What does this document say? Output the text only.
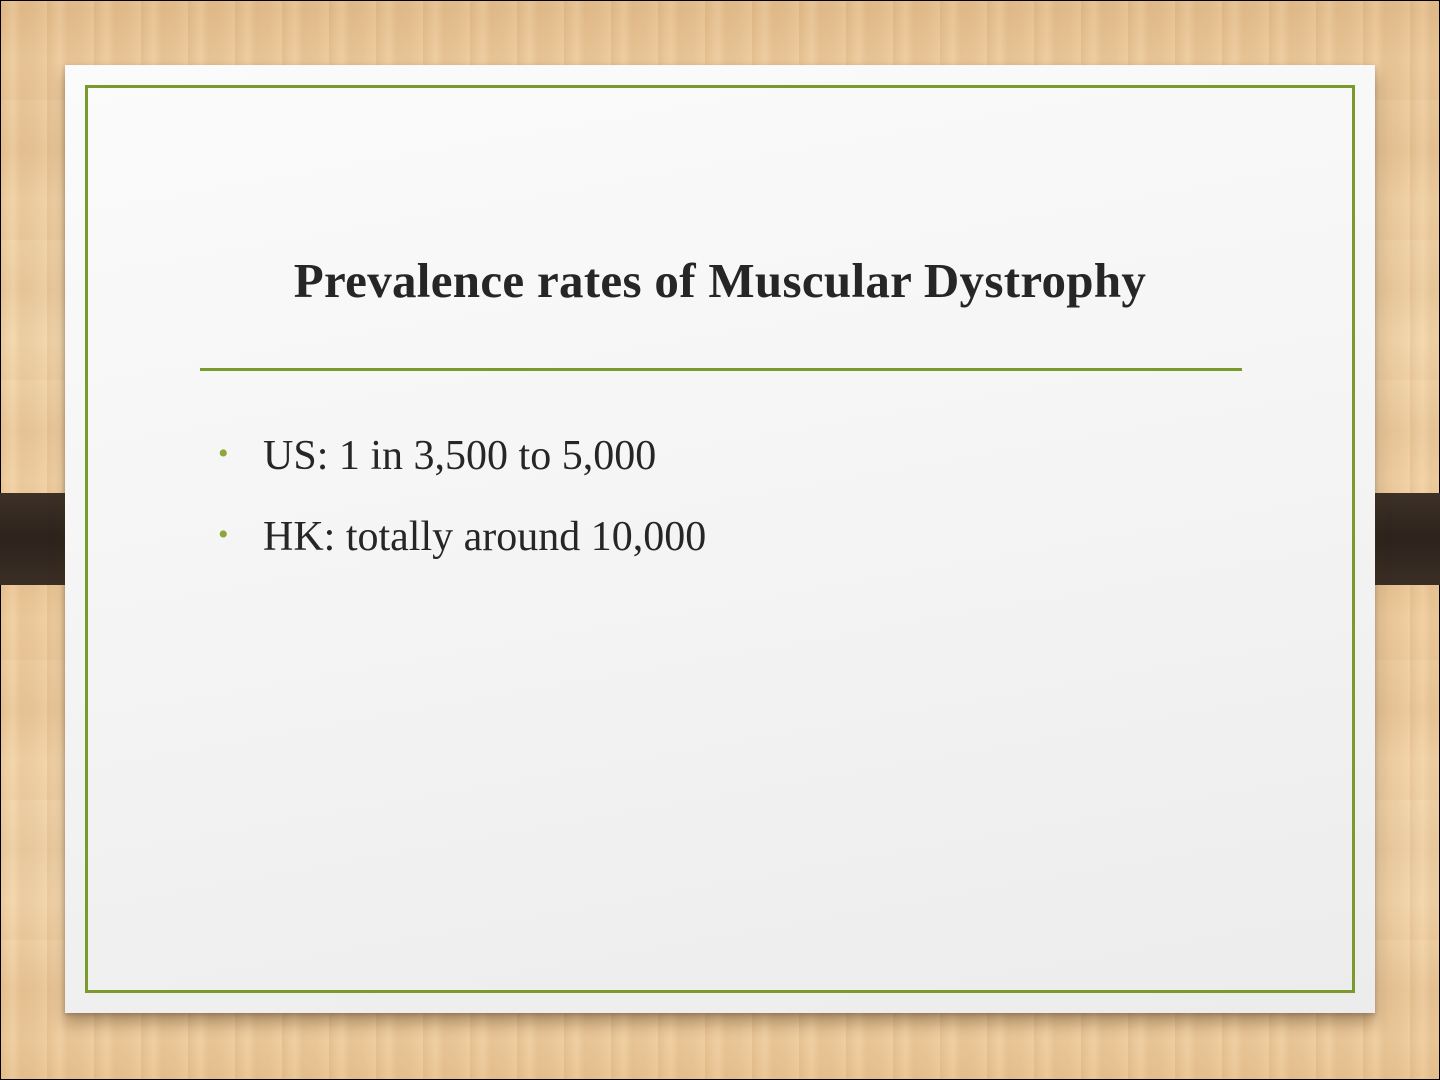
Prevalence rates of Muscular Dystrophy
• US: 1 in 3,500 to 5,000
• HK: totally around 10,000
